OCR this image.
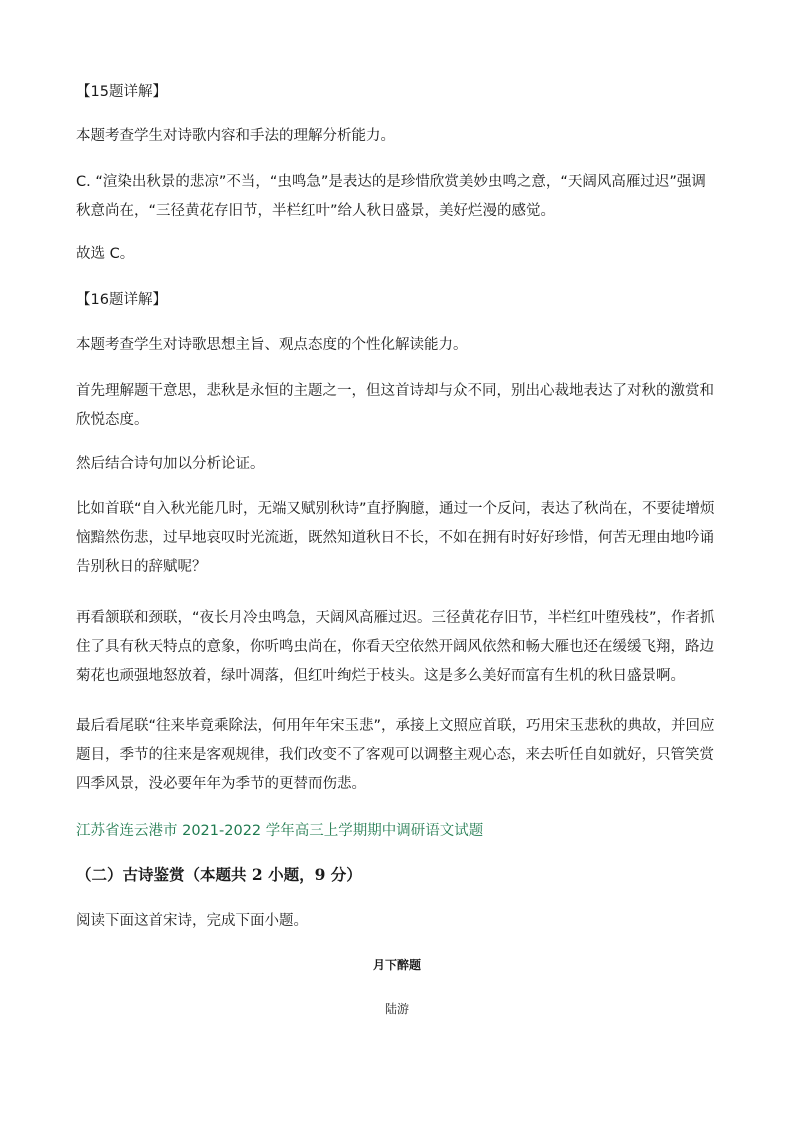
【15题详解】

本题考查学生对诗歌内容和手法的理解分析能力。

C. “渲染出秋景的悲凉”不当，“虫鸣急”是表达的是珍惜欣赏美妙虫鸣之意，“天阔风高雁过迟”强调秋意尚在，“三径黄花存旧节，半栏红叶”给人秋日盛景，美好烂漫的感觉。

故选 C。

【16题详解】

本题考查学生对诗歌思想主旨、观点态度的个性化解读能力。

首先理解题干意思，悲秋是永恒的主题之一，但这首诗却与众不同，别出心裁地表达了对秋的激赏和欣悦态度。

然后结合诗句加以分析论证。

比如首联“自入秋光能几时，无端又赋别秋诗”直抒胸臆，通过一个反问，表达了秋尚在，不要徒增烦恼黯然伤悲，过早地哀叹时光流逝，既然知道秋日不长，不如在拥有时好好珍惜，何苦无理由地吟诵告别秋日的辞赋呢？

再看颔联和颈联，“夜长月冷虫鸣急，天阔风高雁过迟。三径黄花存旧节，半栏红叶堕残枝”，作者抓住了具有秋天特点的意象，你听鸣虫尚在，你看天空依然开阔风依然和畅大雁也还在缓缓飞翔，路边菊花也顽强地怒放着，绿叶凋落，但红叶绚烂于枝头。这是多么美好而富有生机的秋日盛景啊。

最后看尾联“往来毕竟乘除法，何用年年宋玉悲”，承接上文照应首联，巧用宋玉悲秋的典故，并回应题目，季节的往来是客观规律，我们改变不了客观可以调整主观心态，来去听任自如就好，只管笑赏四季风景，没必要年年为季节的更替而伤悲。

江苏省连云港市 2021-2022 学年高三上学期期中调研语文试题

（二）古诗鉴赏（本题共 2 小题，9 分）

阅读下面这首宋诗，完成下面小题。

月下醉题
陆游
